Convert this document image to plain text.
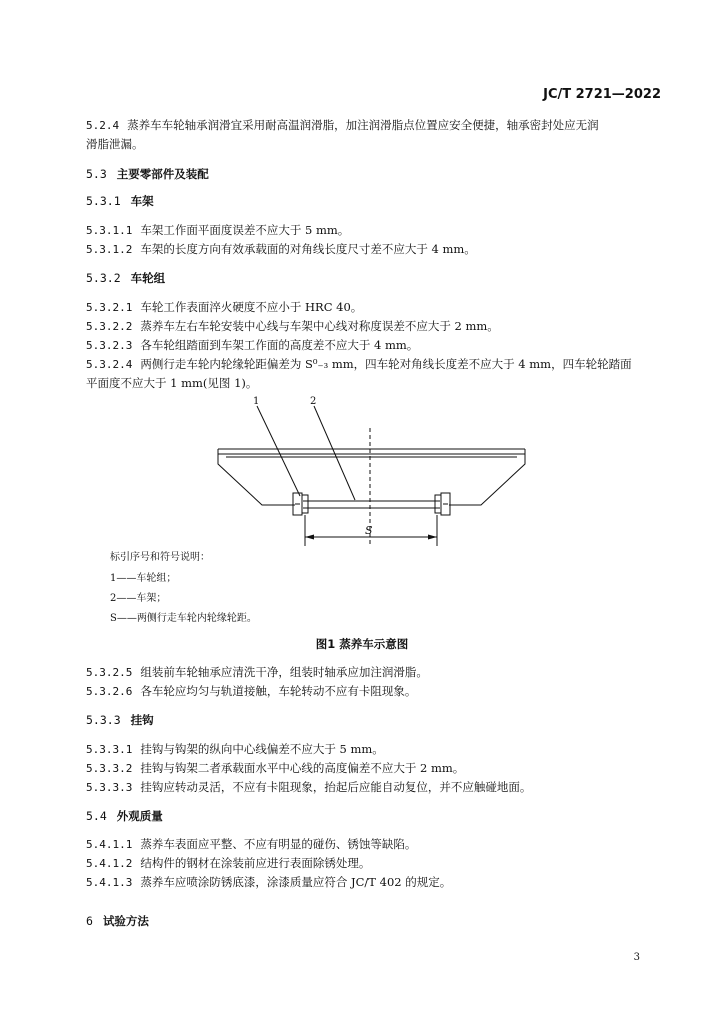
JC/T 2721—2022
5.2.4 蒸养车车轮轴承润滑宜采用耐高温润滑脂，加注润滑脂点位置应安全便捷，轴承密封处应无润
滑脂泄漏。
5.3 主要零部件及装配
5.3.1 车架
5.3.1.1 车架工作面平面度误差不应大于 5 mm。
5.3.1.2 车架的长度方向有效承载面的对角线长度尺寸差不应大于 4 mm。
5.3.2 车轮组
5.3.2.1 车轮工作表面淬火硬度不应小于 HRC 40。
5.3.2.2 蒸养车左右车轮安装中心线与车架中心线对称度误差不应大于 2 mm。
5.3.2.3 各车轮组踏面到车架工作面的高度差不应大于 4 mm。
5.3.2.4 两侧行走车轮内轮缘轮距偏差为 S⁰₋₃ mm，四车轮对角线长度差不应大于 4 mm，四车轮轮踏面
平面度不应大于 1 mm(见图 1)。
1	2
S
标引序号和符号说明：
1——车轮组；
2——车架；
S——两侧行走车轮内轮缘轮距。
图1 蒸养车示意图
5.3.2.5 组装前车轮轴承应清洗干净，组装时轴承应加注润滑脂。
5.3.2.6 各车轮应均匀与轨道接触，车轮转动不应有卡阻现象。
5.3.3 挂钩
5.3.3.1 挂钩与钩架的纵向中心线偏差不应大于 5 mm。
5.3.3.2 挂钩与钩架二者承载面水平中心线的高度偏差不应大于 2 mm。
5.3.3.3 挂钩应转动灵活，不应有卡阻现象，抬起后应能自动复位，并不应触碰地面。
5.4 外观质量
5.4.1.1 蒸养车表面应平整、不应有明显的碰伤、锈蚀等缺陷。
5.4.1.2 结构件的钢材在涂装前应进行表面除锈处理。
5.4.1.3 蒸养车应喷涂防锈底漆，涂漆质量应符合 JC/T 402 的规定。
6 试验方法
3
